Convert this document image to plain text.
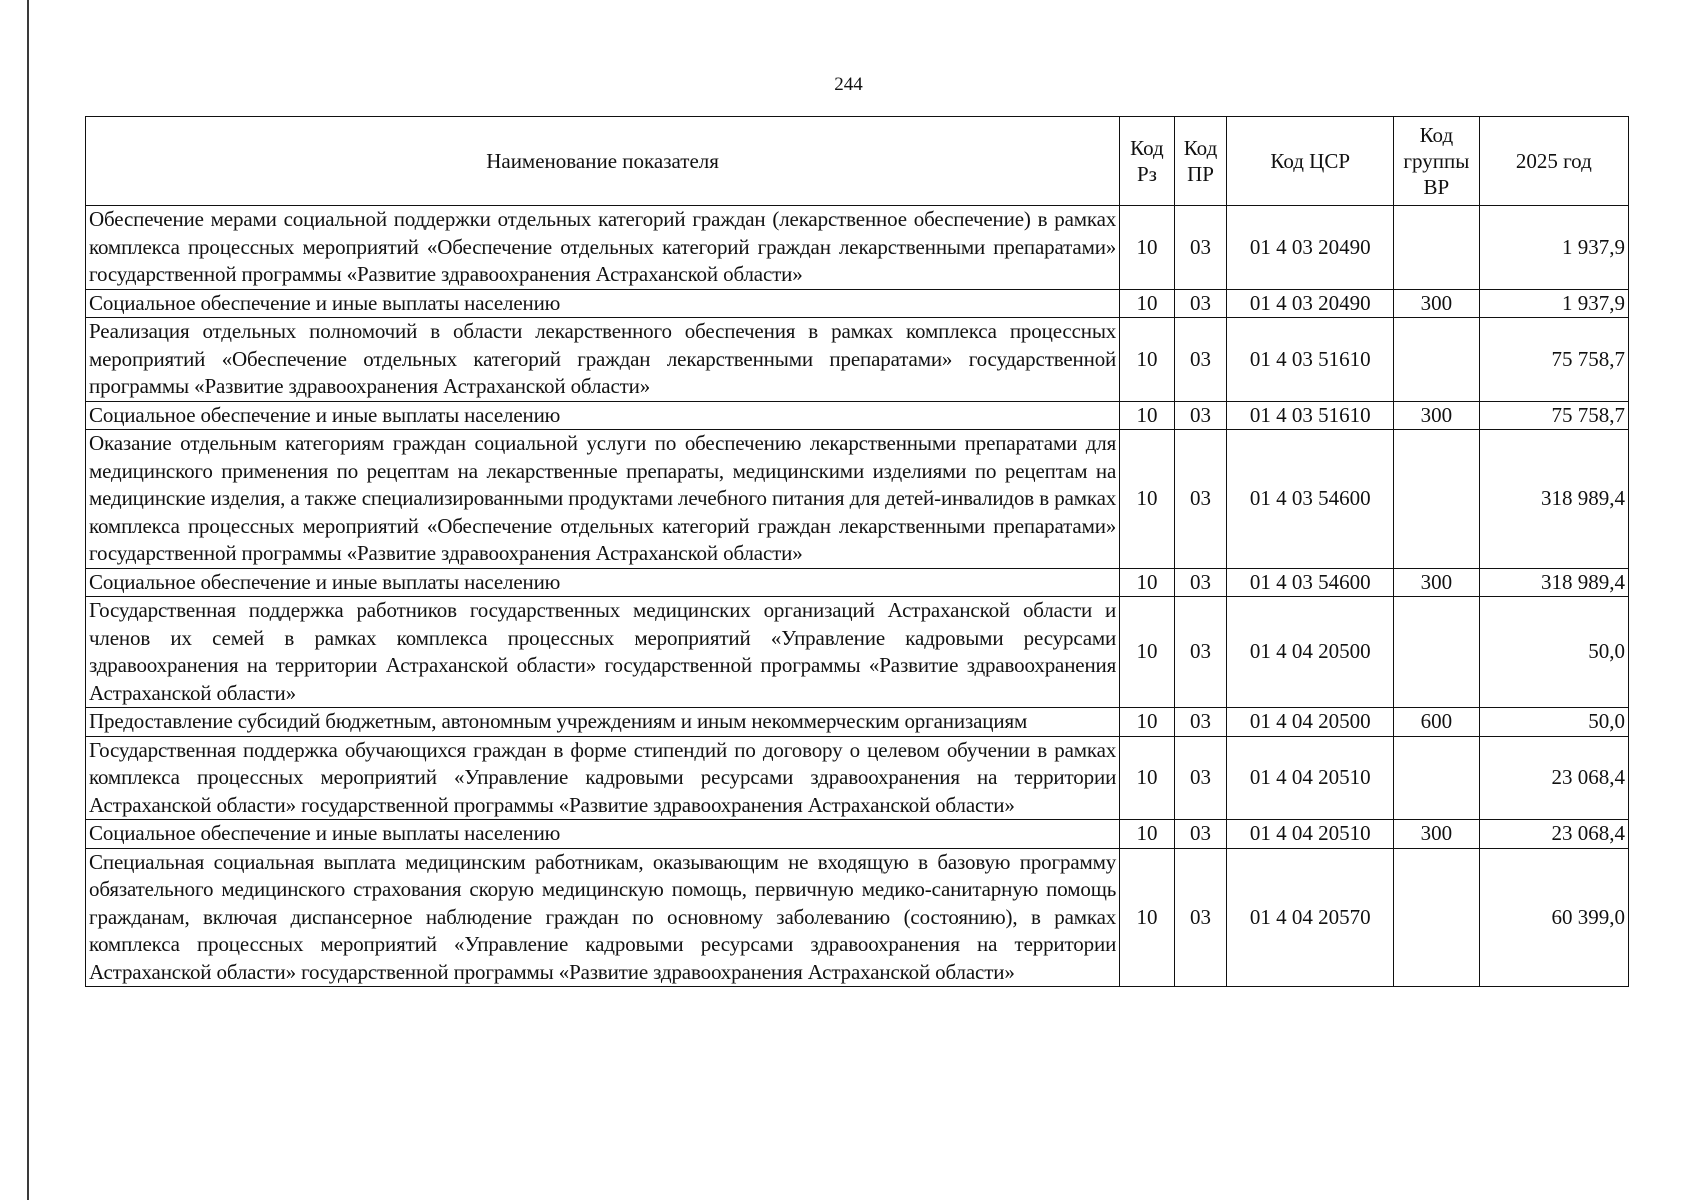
244
Наименование показателя	Код Рз	Код ПР	Код ЦСР	Код группы ВР	2025 год
Обеспечение мерами социальной поддержки отдельных категорий граждан (лекарственное обеспечение) в рамках комплекса процессных мероприятий «Обеспечение отдельных категорий граждан лекарственными препаратами» государственной программы «Развитие здравоохранения Астраханской области»	10	03	01 4 03 20490		1 937,9
Социальное обеспечение и иные выплаты населению	10	03	01 4 03 20490	300	1 937,9
Реализация отдельных полномочий в области лекарственного обеспечения в рамках комплекса процессных мероприятий «Обеспечение отдельных категорий граждан лекарственными препаратами» государственной программы «Развитие здравоохранения Астраханской области»	10	03	01 4 03 51610		75 758,7
Социальное обеспечение и иные выплаты населению	10	03	01 4 03 51610	300	75 758,7
Оказание отдельным категориям граждан социальной услуги по обеспечению лекарственными препаратами для медицинского применения по рецептам на лекарственные препараты, медицинскими изделиями по рецептам на медицинские изделия, а также специализированными продуктами лечебного питания для детей-инвалидов в рамках комплекса процессных мероприятий «Обеспечение отдельных категорий граждан лекарственными препаратами» государственной программы «Развитие здравоохранения Астраханской области»	10	03	01 4 03 54600		318 989,4
Социальное обеспечение и иные выплаты населению	10	03	01 4 03 54600	300	318 989,4
Государственная поддержка работников государственных медицинских организаций Астраханской области и членов их семей в рамках комплекса процессных мероприятий «Управление кадровыми ресурсами здравоохранения на территории Астраханской области» государственной программы «Развитие здравоохранения Астраханской области»	10	03	01 4 04 20500		50,0
Предоставление субсидий бюджетным, автономным учреждениям и иным некоммерческим организациям	10	03	01 4 04 20500	600	50,0
Государственная поддержка обучающихся граждан в форме стипендий по договору о целевом обучении в рамках комплекса процессных мероприятий «Управление кадровыми ресурсами здравоохранения на территории Астраханской области» государственной программы «Развитие здравоохранения Астраханской области»	10	03	01 4 04 20510		23 068,4
Социальное обеспечение и иные выплаты населению	10	03	01 4 04 20510	300	23 068,4
Специальная социальная выплата медицинским работникам, оказывающим не входящую в базовую программу обязательного медицинского страхования скорую медицинскую помощь, первичную медико-санитарную помощь гражданам, включая диспансерное наблюдение граждан по основному заболеванию (состоянию), в рамках комплекса процессных мероприятий «Управление кадровыми ресурсами здравоохранения на территории Астраханской области» государственной программы «Развитие здравоохранения Астраханской области»	10	03	01 4 04 20570		60 399,0
